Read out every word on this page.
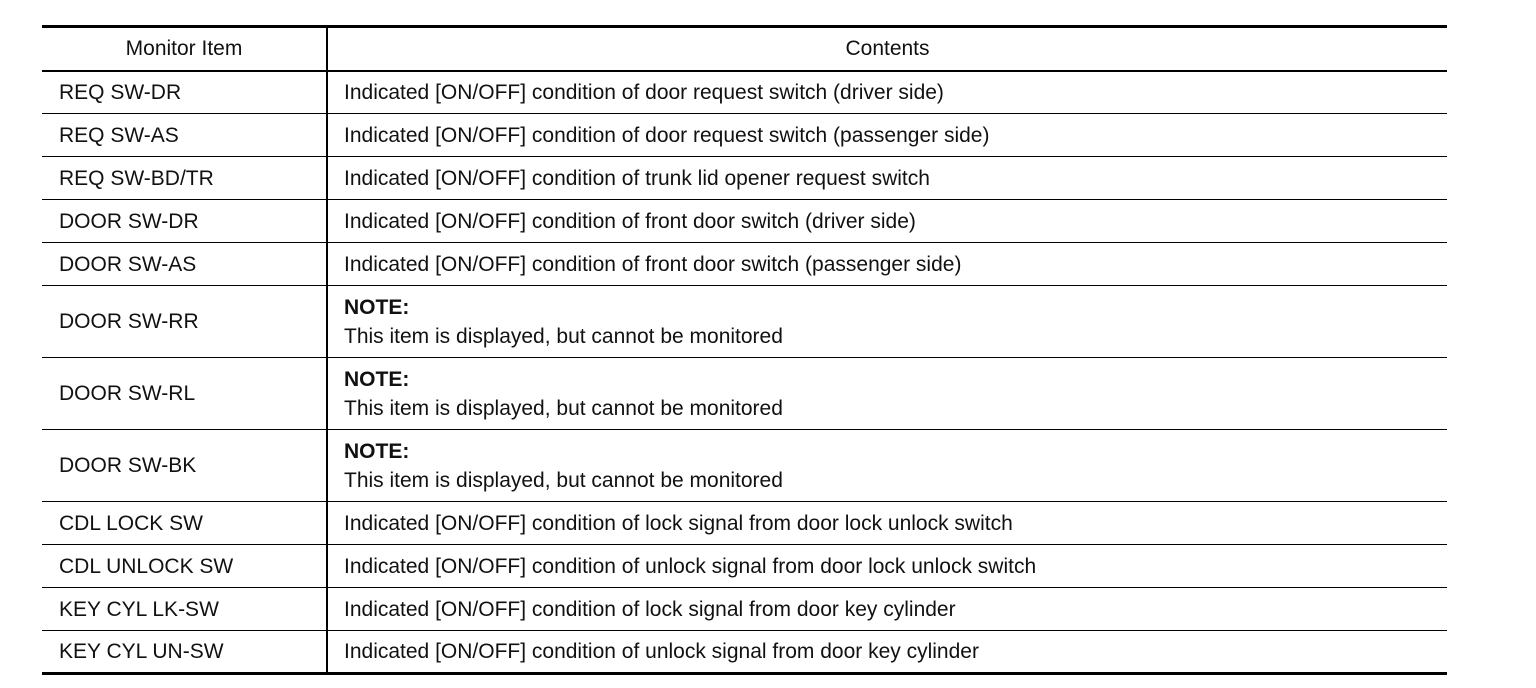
Monitor Item	Contents
REQ SW-DR	Indicated [ON/OFF] condition of door request switch (driver side)
REQ SW-AS	Indicated [ON/OFF] condition of door request switch (passenger side)
REQ SW-BD/TR	Indicated [ON/OFF] condition of trunk lid opener request switch
DOOR SW-DR	Indicated [ON/OFF] condition of front door switch (driver side)
DOOR SW-AS	Indicated [ON/OFF] condition of front door switch (passenger side)
DOOR SW-RR	NOTE:
This item is displayed, but cannot be monitored

DOOR SW-RL	NOTE:
This item is displayed, but cannot be monitored

DOOR SW-BK	NOTE:
This item is displayed, but cannot be monitored

CDL LOCK SW	Indicated [ON/OFF] condition of lock signal from door lock unlock switch
CDL UNLOCK SW	Indicated [ON/OFF] condition of unlock signal from door lock unlock switch
KEY CYL LK-SW	Indicated [ON/OFF] condition of lock signal from door key cylinder
KEY CYL UN-SW	Indicated [ON/OFF] condition of unlock signal from door key cylinder
